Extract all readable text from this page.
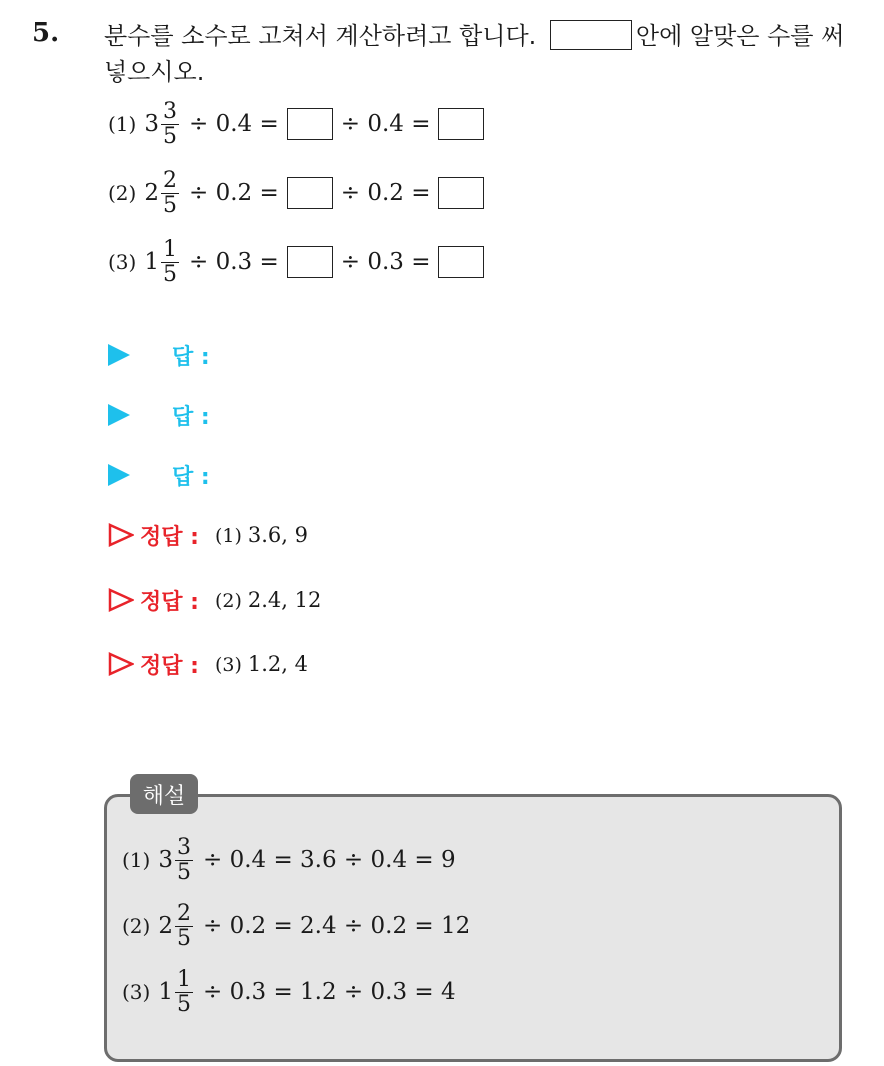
5. 분수를 소수로 고쳐서 계산하려고 합니다.	안에 알맞은 수를 써넣으시오.
(1) $3 \frac{3}{5} \div 0.4$ =	÷ 0.4 =
(2) $2 \frac{2}{5} \div 0.2$ =	÷ 0.2 =
(3) $1 \frac{1}{5} \div 0.3$ =	÷ 0.3 =
답 :
답 :
답 :
정답 : (1) 3.6, 9
정답 : (2) 2.4, 12
정답 : (3) 1.2, 4
해설
(1) $3 \frac{3}{5} \div 0.4 = 3.6 \div 0.4 = 9$
(2) $2 \frac{2}{5} \div 0.2 = 2.4 \div 0.2 = 12$
(3) $1 \frac{1}{5} \div 0.3 = 1.2 \div 0.3 = 4$
